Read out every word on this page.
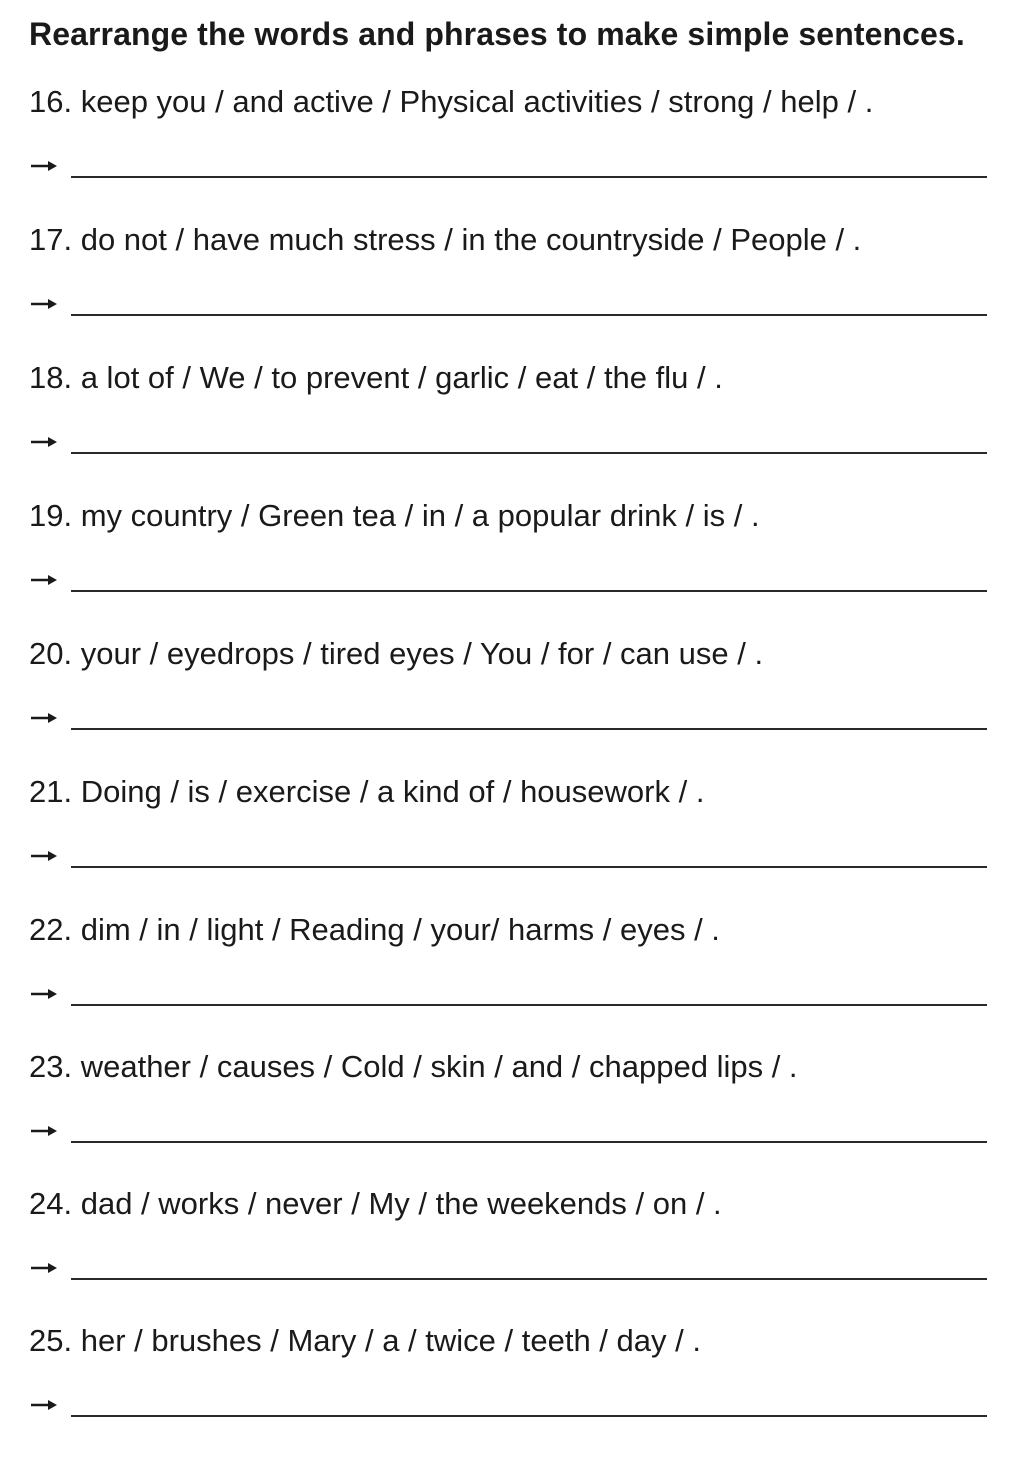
Rearrange the words and phrases to make simple sentences.
16. keep you / and active / Physical activities / strong / help / .
17. do not / have much stress / in the countryside / People / .
18. a lot of / We / to prevent / garlic / eat / the flu / .
19. my country / Green tea / in / a popular drink / is / .
20. your / eyedrops / tired eyes / You / for / can use / .
21. Doing / is / exercise / a kind of / housework / .
22. dim / in / light / Reading / your/ harms / eyes / .
23. weather / causes / Cold / skin / and / chapped lips / .
24. dad / works / never / My / the weekends / on / .
25. her / brushes / Mary / a / twice / teeth / day / .
